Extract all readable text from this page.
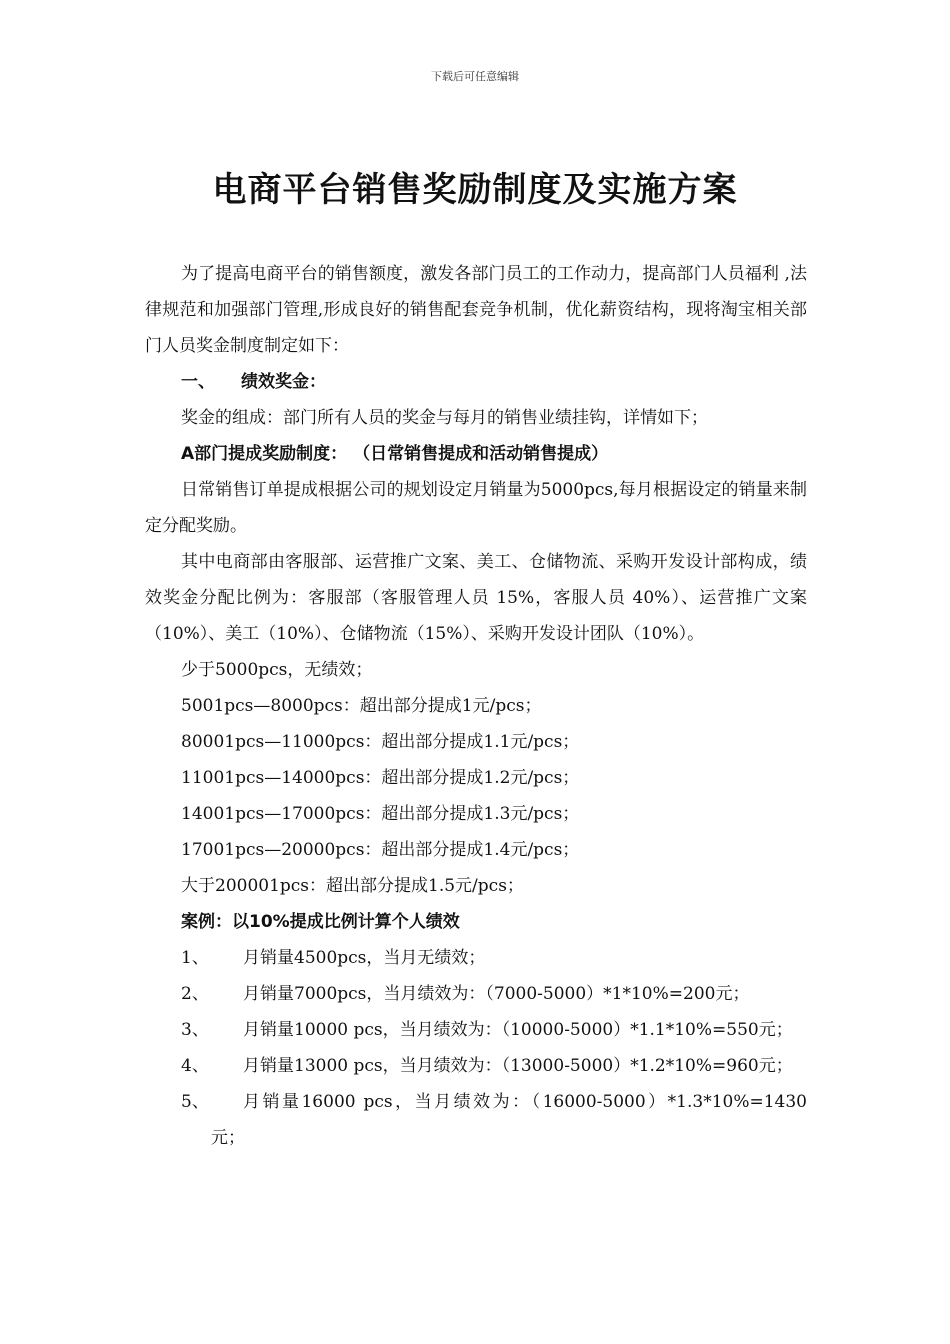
下载后可任意编辑
电商平台销售奖励制度及实施方案

为了提高电商平台的销售额度，激发各部门员工的工作动力，提高部门人员福利 ,法律规范和加强部门管理,形成良好的销售配套竞争机制，优化薪资结构，现将淘宝相关部门人员奖金制度制定如下：

一、 绩效奖金：
奖金的组成：部门所有人员的奖金与每月的销售业绩挂钩，详情如下；
A部门提成奖励制度： （日常销售提成和活动销售提成）

日常销售订单提成根据公司的规划设定月销量为5000pcs,每月根据设定的销量来制定分配奖励。

其中电商部由客服部、运营推广文案、美工、仓储物流、采购开发设计部构成，绩效奖金分配比例为：客服部（客服管理人员 15%，客服人员 40%）、运营推广文案（10%）、美工（10%）、仓储物流（15%）、采购开发设计团队（10%）。

少于5000pcs，无绩效；
5001pcs—8000pcs：超出部分提成1元/pcs；
80001pcs—11000pcs：超出部分提成1.1元/pcs；
11001pcs—14000pcs：超出部分提成1.2元/pcs；
14001pcs—17000pcs：超出部分提成1.3元/pcs；
17001pcs—20000pcs：超出部分提成1.4元/pcs；
大于200001pcs：超出部分提成1.5元/pcs；
案例：以10%提成比例计算个人绩效
1、 月销量4500pcs，当月无绩效；
2、 月销量7000pcs，当月绩效为：（7000-5000）*1*10%=200元；
3、 月销量10000 pcs，当月绩效为：（10000-5000）*1.1*10%=550元；
4、 月销量13000 pcs，当月绩效为：（13000-5000）*1.2*10%=960元；
5、	月销量16000 pcs，当月绩效为：（16000-5000）*1.3*10%=1430
元；
